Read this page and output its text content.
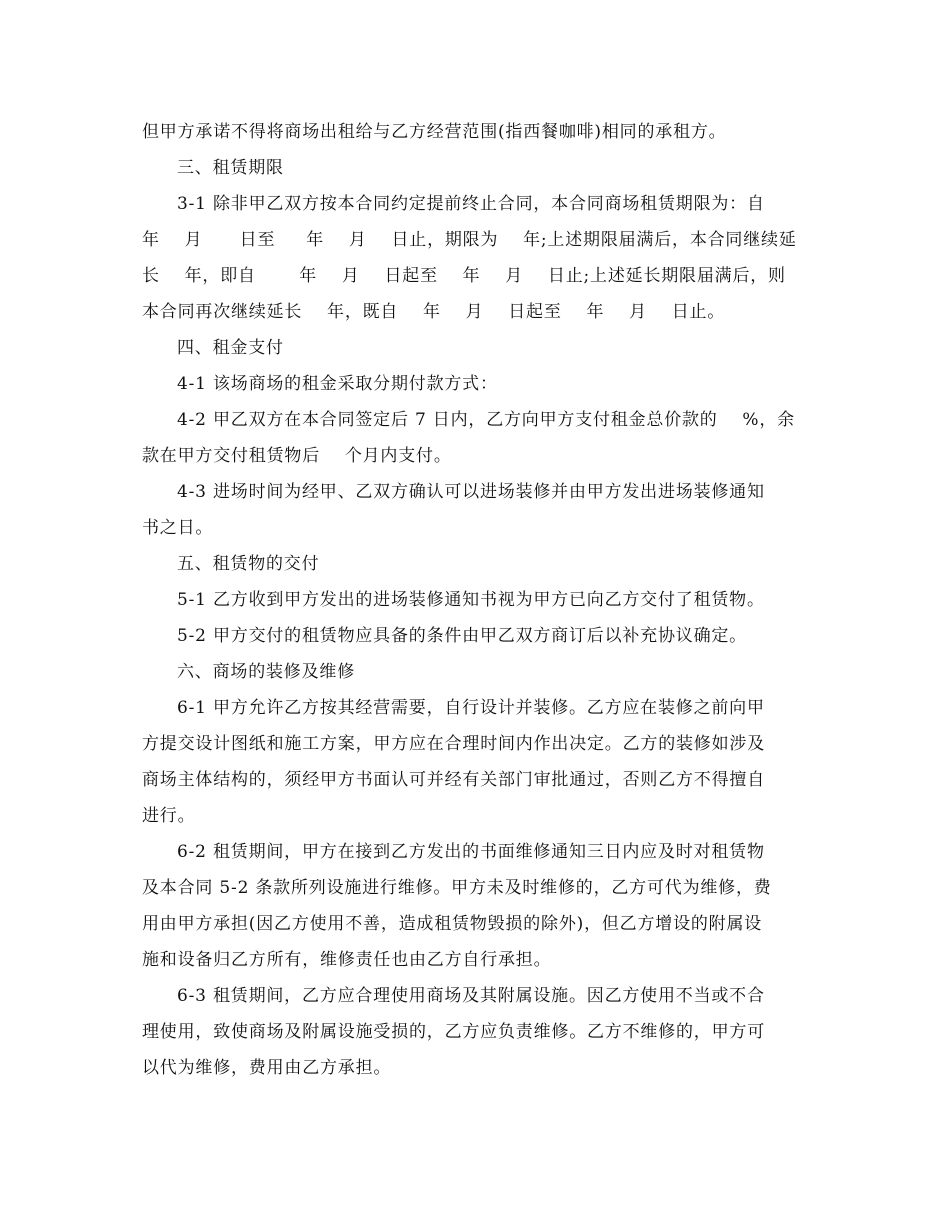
但甲方承诺不得将商场出租给与乙方经营范围(指西餐咖啡)相同的承租方。
三、租赁期限
3-1 除非甲乙双方按本合同约定提前终止合同，本合同商场租赁期限为：自
年    月      日至     年    月    日止，期限为    年;上述期限届满后，本合同继续延
长    年，即自       年    月    日起至    年    月    日止;上述延长期限届满后，则
本合同再次继续延长    年，既自    年    月    日起至    年    月    日止。
四、租金支付
4-1 该场商场的租金采取分期付款方式：
4-2 甲乙双方在本合同签定后 7 日内，乙方向甲方支付租金总价款的    %，余
款在甲方交付租赁物后    个月内支付。
4-3 进场时间为经甲、乙双方确认可以进场装修并由甲方发出进场装修通知
书之日。
五、租赁物的交付
5-1 乙方收到甲方发出的进场装修通知书视为甲方已向乙方交付了租赁物。
5-2 甲方交付的租赁物应具备的条件由甲乙双方商订后以补充协议确定。
六、商场的装修及维修
6-1 甲方允许乙方按其经营需要，自行设计并装修。乙方应在装修之前向甲
方提交设计图纸和施工方案，甲方应在合理时间内作出决定。乙方的装修如涉及
商场主体结构的，须经甲方书面认可并经有关部门审批通过，否则乙方不得擅自
进行。
6-2 租赁期间，甲方在接到乙方发出的书面维修通知三日内应及时对租赁物
及本合同 5-2 条款所列设施进行维修。甲方未及时维修的，乙方可代为维修，费
用由甲方承担(因乙方使用不善，造成租赁物毁损的除外)，但乙方增设的附属设
施和设备归乙方所有，维修责任也由乙方自行承担。
6-3 租赁期间，乙方应合理使用商场及其附属设施。因乙方使用不当或不合
理使用，致使商场及附属设施受损的，乙方应负责维修。乙方不维修的，甲方可
以代为维修，费用由乙方承担。
